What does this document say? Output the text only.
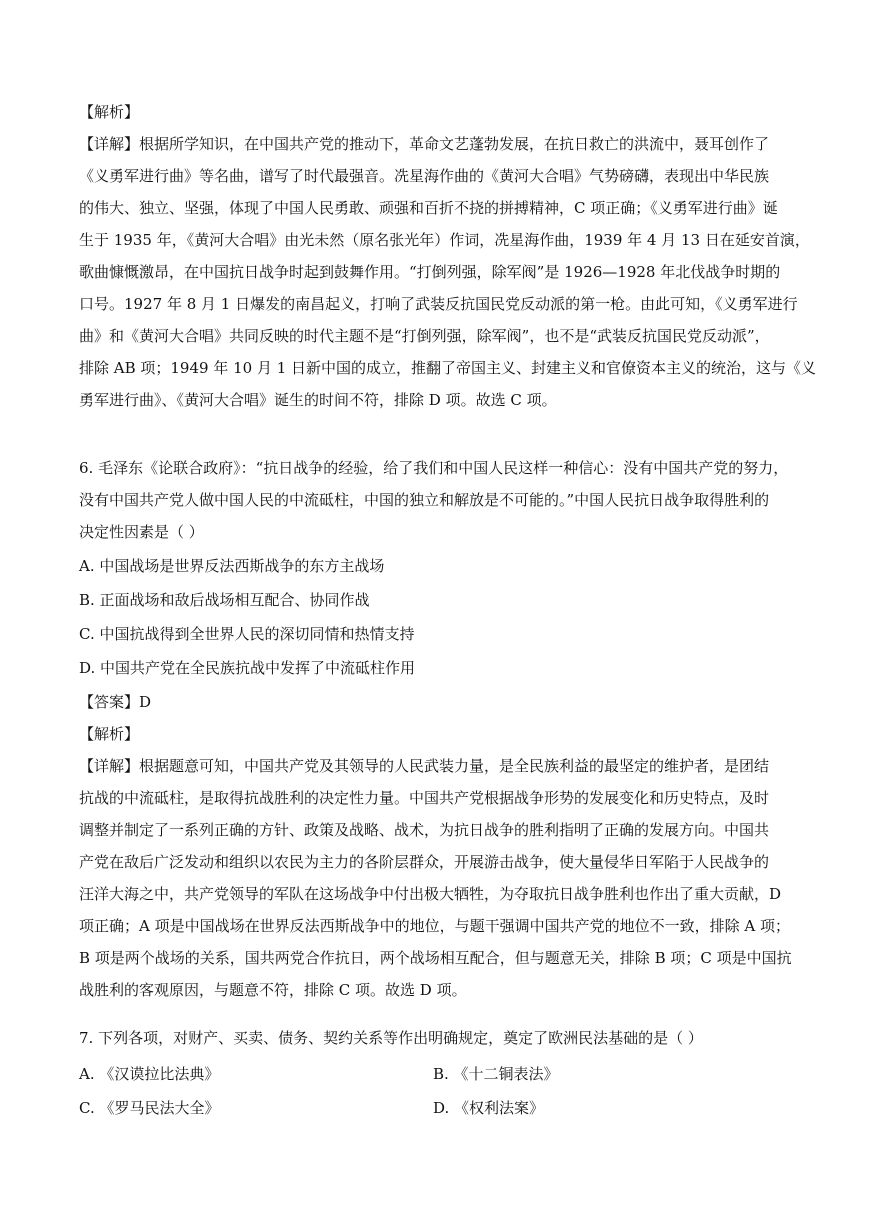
【解析】
【详解】根据所学知识，在中国共产党的推动下，革命文艺蓬勃发展，在抗日救亡的洪流中，聂耳创作了
《义勇军进行曲》等名曲，谱写了时代最强音。冼星海作曲的《黄河大合唱》气势磅礴，表现出中华民族
的伟大、独立、坚强，体现了中国人民勇敢、顽强和百折不挠的拼搏精神，C 项正确；《义勇军进行曲》诞
生于 1935 年，《黄河大合唱》由光未然（原名张光年）作词，冼星海作曲，1939 年 4 月 13 日在延安首演，
歌曲慷慨激昂，在中国抗日战争时起到鼓舞作用。“打倒列强，除军阀”是 1926—1928 年北伐战争时期的
口号。1927 年 8 月 1 日爆发的南昌起义，打响了武装反抗国民党反动派的第一枪。由此可知，《义勇军进行
曲》和《黄河大合唱》共同反映的时代主题不是“打倒列强，除军阀”，也不是“武装反抗国民党反动派”，
排除 AB 项；1949 年 10 月 1 日新中国的成立，推翻了帝国主义、封建主义和官僚资本主义的统治，这与《义
勇军进行曲》、《黄河大合唱》诞生的时间不符，排除 D 项。故选 C 项。
6. 毛泽东《论联合政府》：“抗日战争的经验，给了我们和中国人民这样一种信心：没有中国共产党的努力，
没有中国共产党人做中国人民的中流砥柱，中国的独立和解放是不可能的。”中国人民抗日战争取得胜利的
决定性因素是（ ）
A. 中国战场是世界反法西斯战争的东方主战场
B. 正面战场和敌后战场相互配合、协同作战
C. 中国抗战得到全世界人民的深切同情和热情支持
D. 中国共产党在全民族抗战中发挥了中流砥柱作用
【答案】D
【解析】
【详解】根据题意可知，中国共产党及其领导的人民武装力量，是全民族利益的最坚定的维护者，是团结
抗战的中流砥柱，是取得抗战胜利的决定性力量。中国共产党根据战争形势的发展变化和历史特点，及时
调整并制定了一系列正确的方针、政策及战略、战术，为抗日战争的胜利指明了正确的发展方向。中国共
产党在敌后广泛发动和组织以农民为主力的各阶层群众，开展游击战争，使大量侵华日军陷于人民战争的
汪洋大海之中，共产党领导的军队在这场战争中付出极大牺牲，为夺取抗日战争胜利也作出了重大贡献，D
项正确；A 项是中国战场在世界反法西斯战争中的地位，与题干强调中国共产党的地位不一致，排除 A 项；
B 项是两个战场的关系，国共两党合作抗日，两个战场相互配合，但与题意无关，排除 B 项；C 项是中国抗
战胜利的客观原因，与题意不符，排除 C 项。故选 D 项。
7. 下列各项，对财产、买卖、债务、契约关系等作出明确规定，奠定了欧洲民法基础的是（ ）
A. 《汉谟拉比法典》	B. 《十二铜表法》
C. 《罗马民法大全》	D. 《权利法案》
